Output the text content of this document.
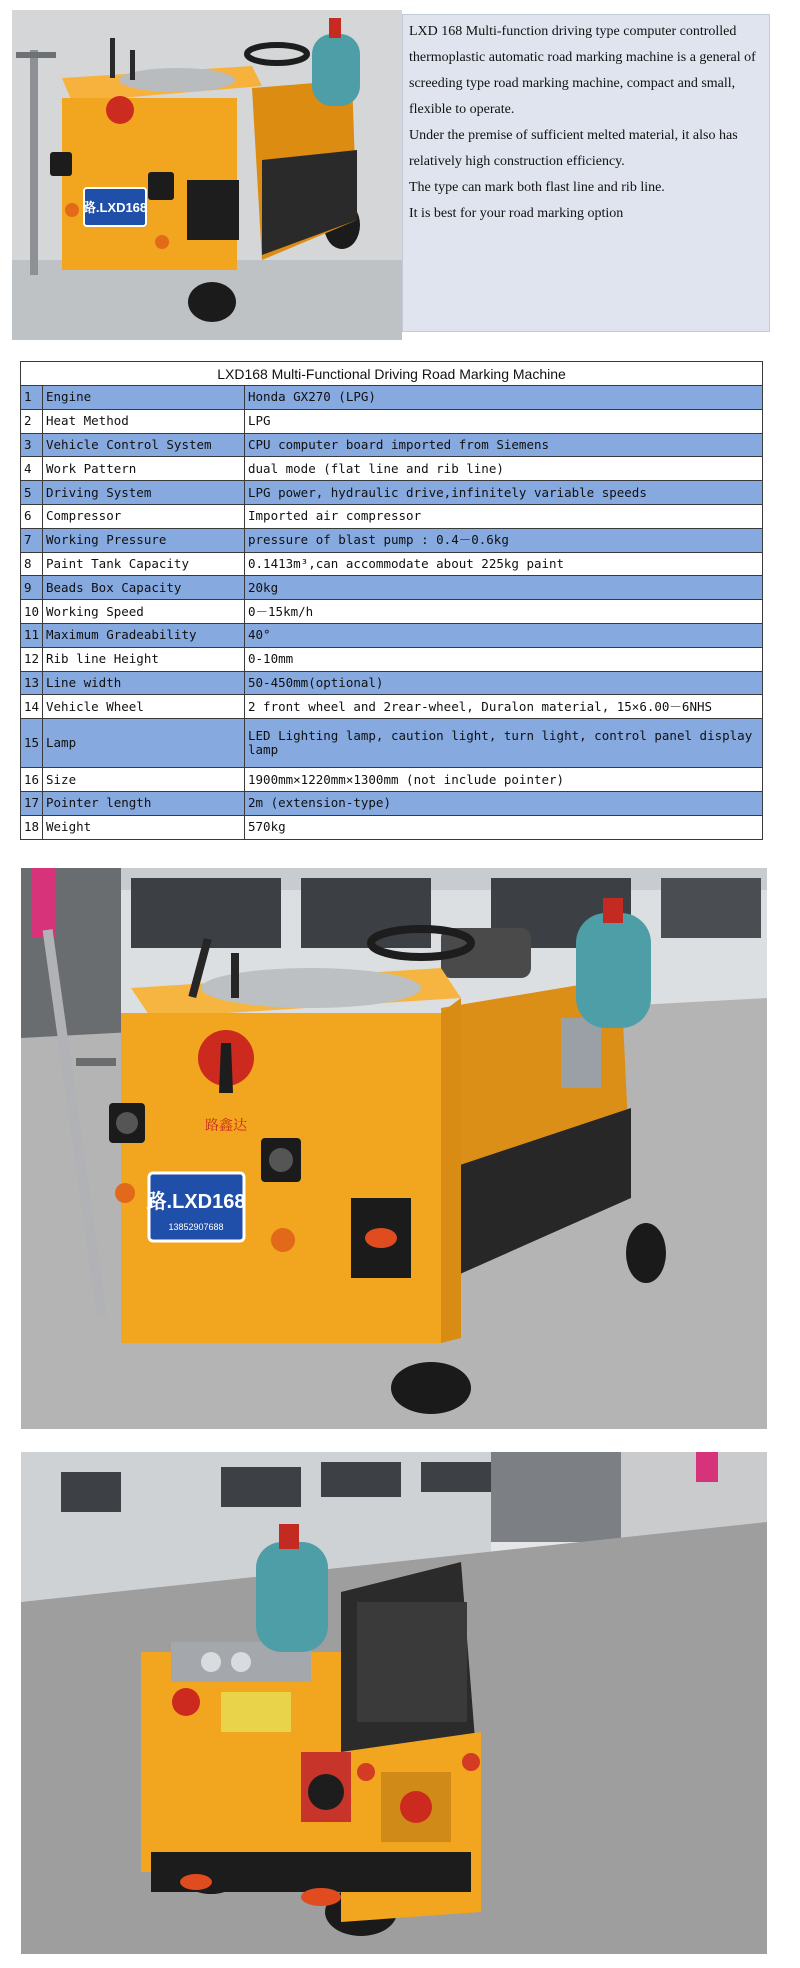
路.LXD168

LXD 168 Multi-function driving type computer controlled thermoplastic automatic road marking machine is a general of screeding type road marking machine, compact and small, flexible to operate.

Under the premise of sufficient melted material, it also has relatively high construction efficiency.

The type can mark both flast line and rib line.

It is best for your road marking option

LXD168 Multi-Functional Driving Road Marking Machine		
1	Engine	Honda GX270 (LPG)
2	Heat Method	LPG
3	Vehicle Control System	CPU computer board imported from Siemens
4	Work Pattern	dual mode (flat line and rib line)
5	Driving System	LPG power, hydraulic drive,infinitely variable speeds
6	Compressor	Imported air compressor
7	Working Pressure	pressure of blast pump : 0.4－0.6kg
8	Paint Tank Capacity	0.1413m³,can accommodate about 225kg paint
9	Beads Box Capacity	20kg
10	Working Speed	0－15km/h
11	Maximum Gradeability	40°
12	Rib line Height	0-10mm
13	Line width	50-450mm(optional)
14	Vehicle Wheel	2 front wheel and 2rear-wheel, Duralon material, 15×6.00－6NHS
15	Lamp	LED Lighting lamp, caution light, turn light, control panel display lamp
16	Size	1900mm×1220mm×1300mm (not include pointer)
17	Pointer length	2m (extension-type)
18	Weight	570kg
路鑫达
路.LXD168
13852907688
